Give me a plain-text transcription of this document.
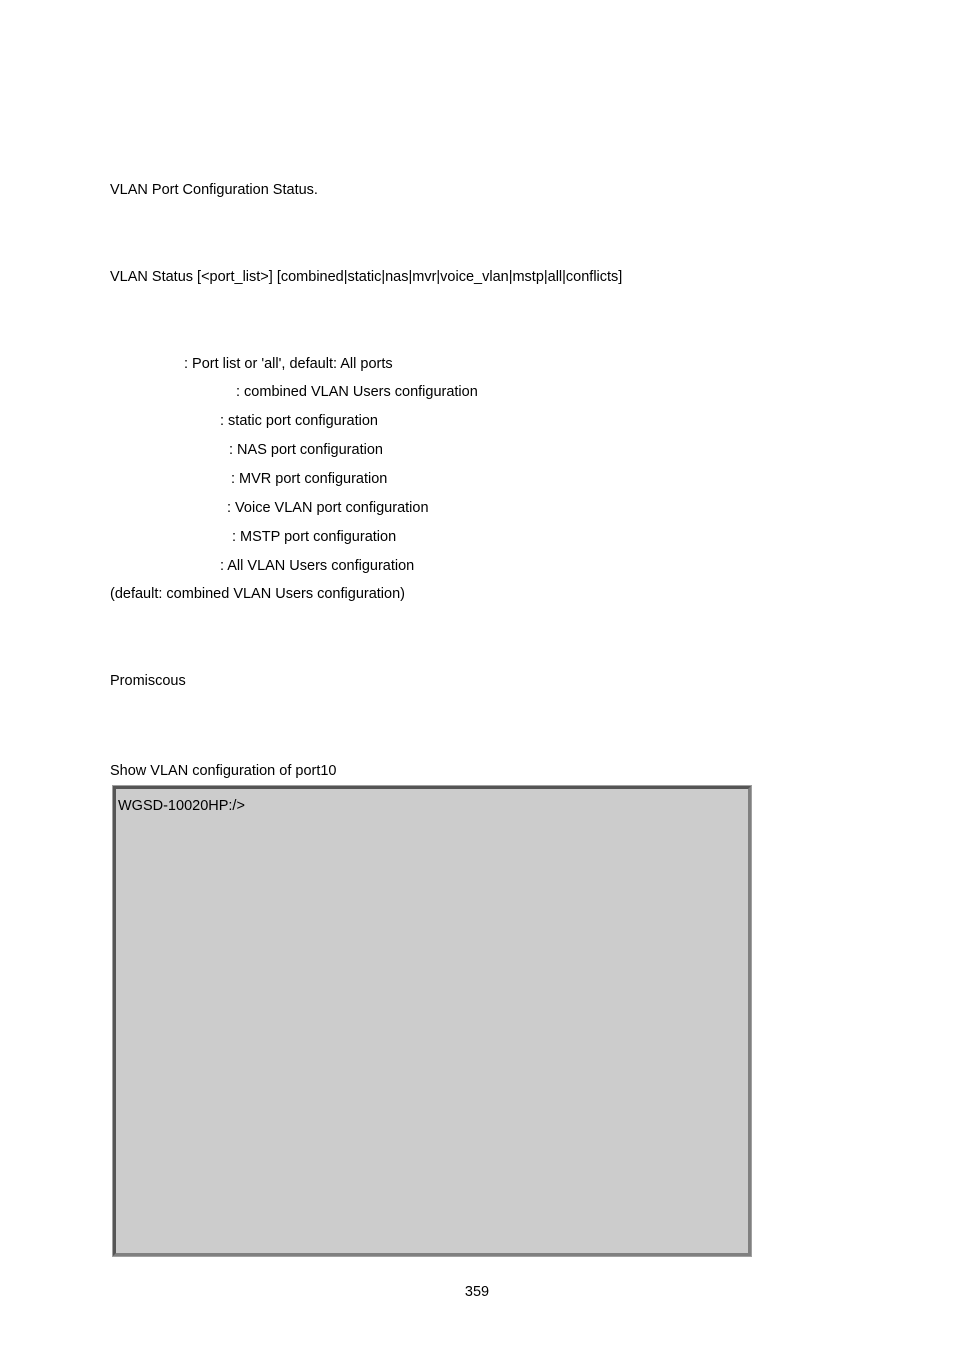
VLAN Port Configuration Status.
VLAN Status [<port_list>] [combined|static|nas|mvr|voice_vlan|mstp|all|conflicts]
: Port list or 'all', default: All ports
: combined VLAN Users configuration
: static port configuration
: NAS port configuration
: MVR port configuration
: Voice VLAN port configuration
: MSTP port configuration
: All VLAN Users configuration
(default: combined VLAN Users configuration)
Promiscous
Show VLAN configuration of port10
WGSD-10020HP:/>
359
